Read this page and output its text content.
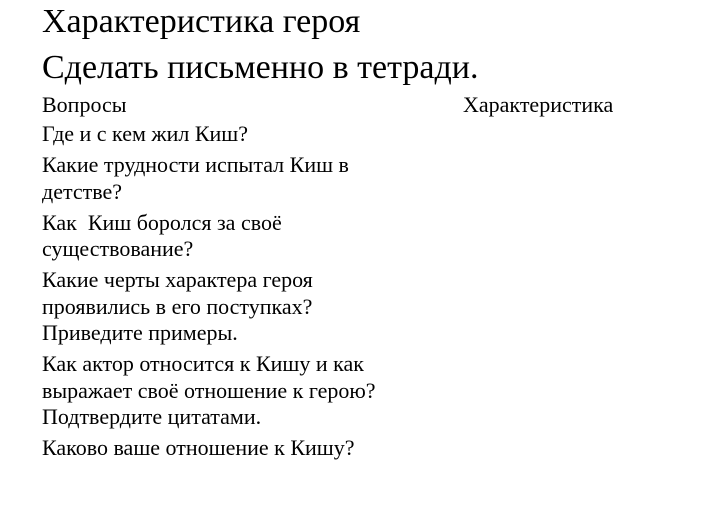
Характеристика героя
Сделать письменно в тетради.
Вопросы	Характеристика
Где и с кем жил Киш?
Какие трудности испытал Киш в
детстве?
Как  Киш боролся за своё
существование?
Какие черты характера героя
проявились в его поступках?
Приведите примеры.
Как актор относится к Кишу и как
выражает своё отношение к герою?
Подтвердите цитатами.
Каково ваше отношение к Кишу?
